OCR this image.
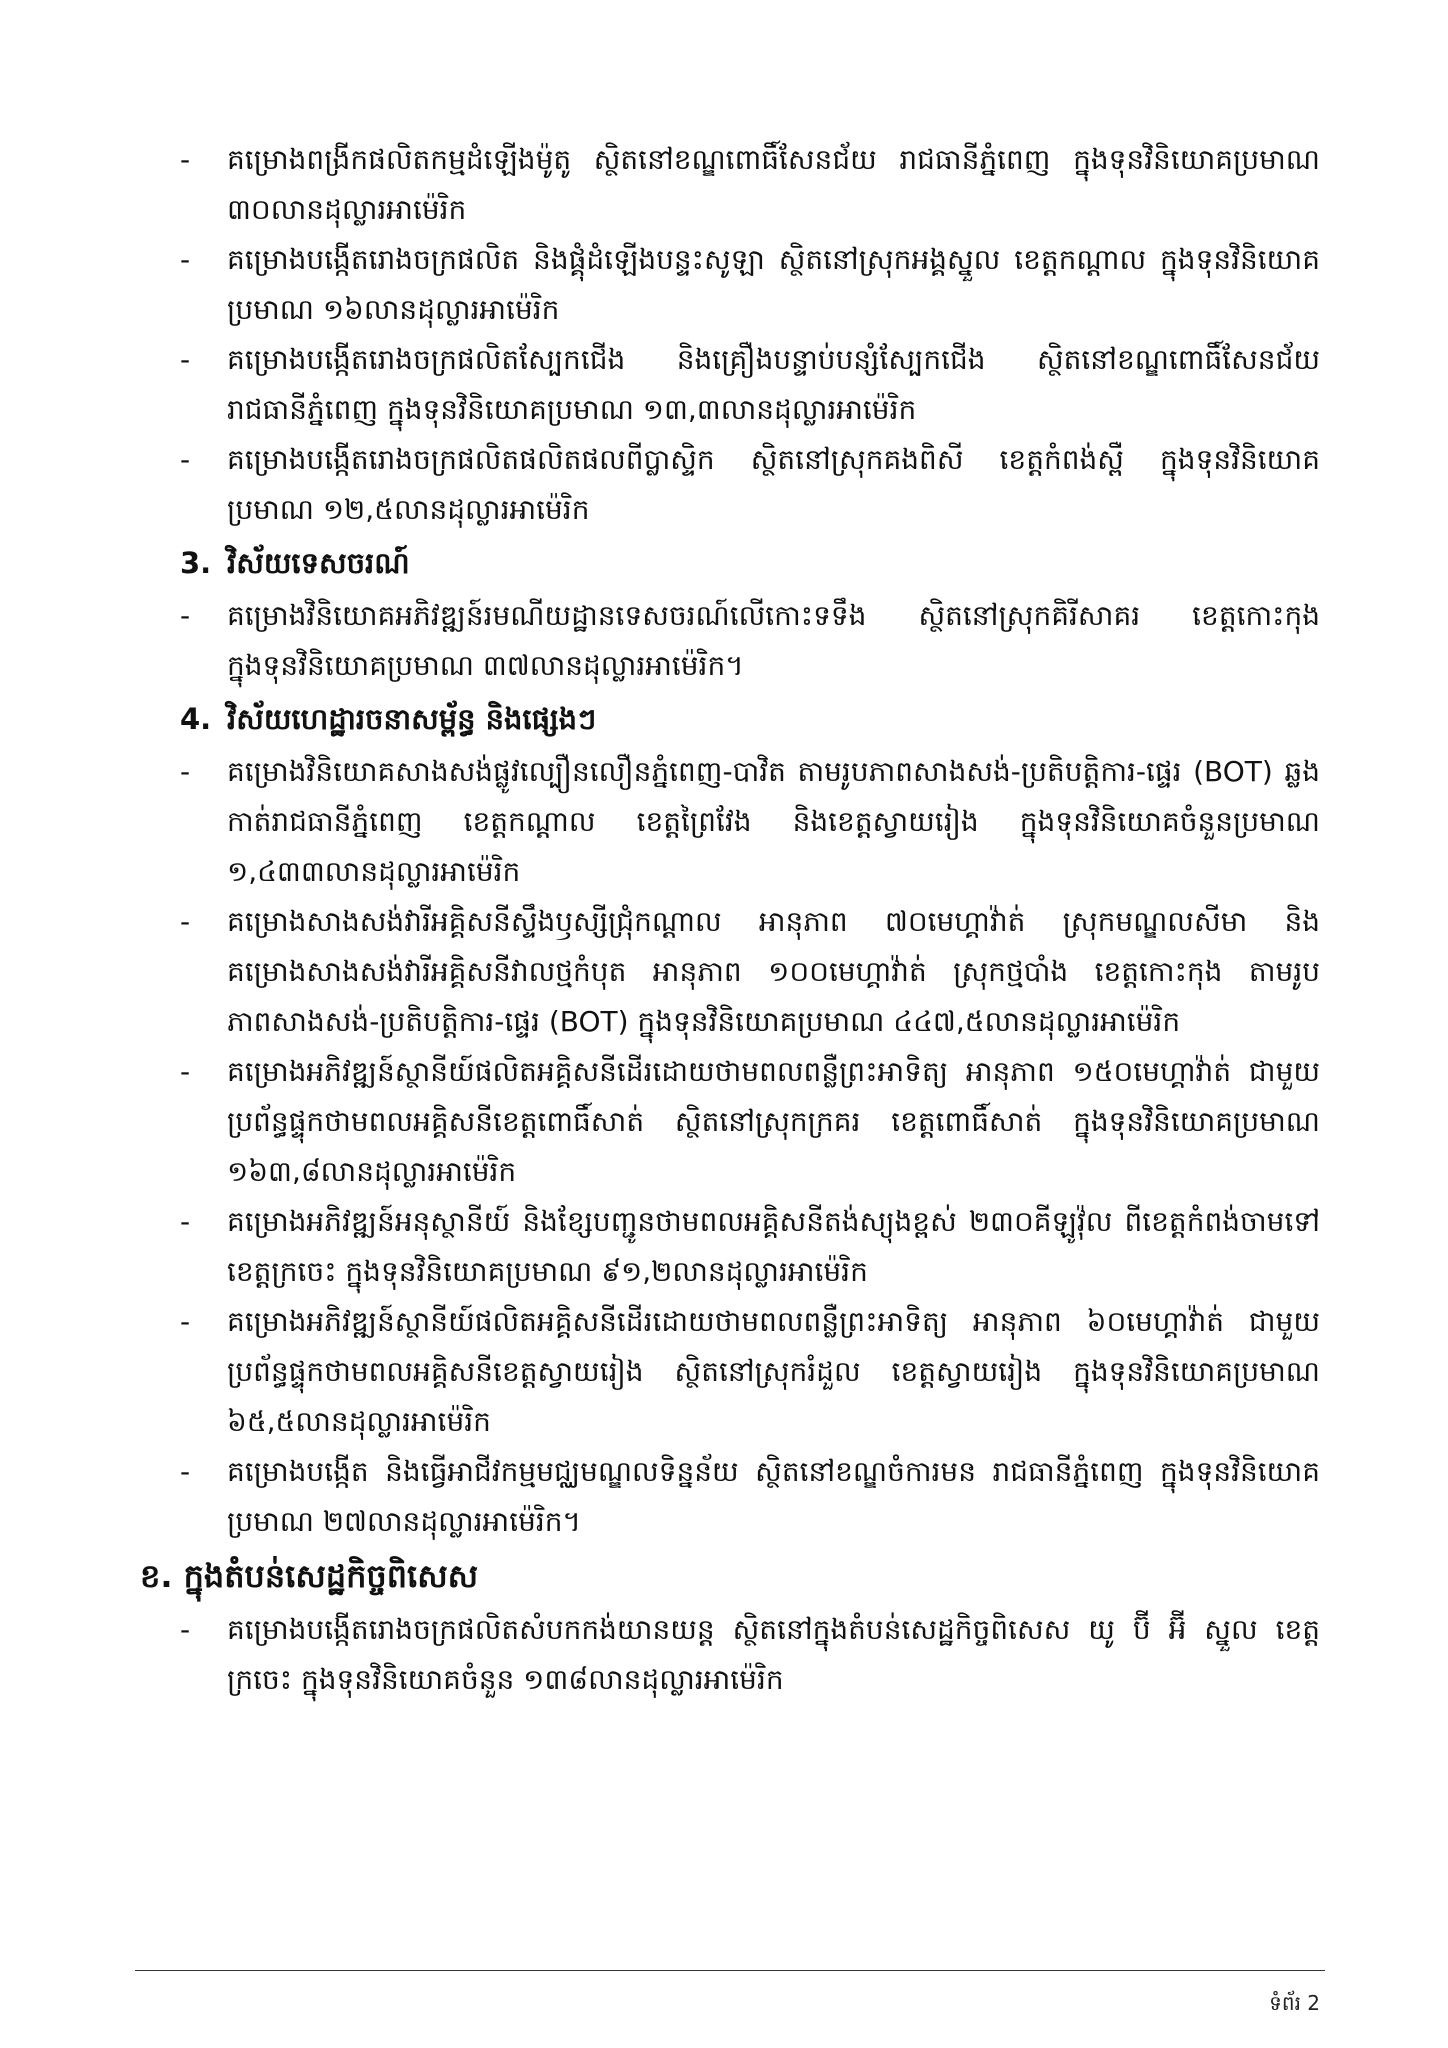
- គម្រោងពង្រីកផលិតកម្មដំឡើងម៉ូតូ ស្ថិតនៅខណ្ឌពោធិ៍សែនជ័យ រាជធានីភ្នំពេញ ក្នុងទុនវិនិយោគប្រមាណ ៣០លានដុល្លារអាម៉េរិក
- គម្រោងបង្កើតរោងចក្រផលិត និងផ្គុំដំឡើងបន្ទះសូឡា ស្ថិតនៅស្រុកអង្គស្នួល ខេត្តកណ្ដាល ក្នុងទុនវិនិយោគប្រមាណ ១៦លានដុល្លារអាម៉េរិក
- គម្រោងបង្កើតរោងចក្រផលិតស្បែកជើង និងគ្រឿងបន្ទាប់បន្សំស្បែកជើង ស្ថិតនៅខណ្ឌពោធិ៍សែនជ័យ រាជធានីភ្នំពេញ ក្នុងទុនវិនិយោគប្រមាណ ១៣,៣លានដុល្លារអាម៉េរិក
- គម្រោងបង្កើតរោងចក្រផលិតផលិតផលពីប្លាស្ទិក ស្ថិតនៅស្រុកគងពិសី ខេត្តកំពង់ស្ពឺ ក្នុងទុនវិនិយោគប្រមាណ ១២,៥លានដុល្លារអាម៉េរិក
3. វិស័យទេសចរណ៍
- គម្រោងវិនិយោគអភិវឌ្ឍន៍រមណីយដ្ឋានទេសចរណ៍លើកោះទទឹង ស្ថិតនៅស្រុកគិរីសាគរ ខេត្តកោះកុង ក្នុងទុនវិនិយោគប្រមាណ ៣៧លានដុល្លារអាម៉េរិក។
4. វិស័យហេដ្ឋារចនាសម្ព័ន្ធ និងផ្សេងៗ
- គម្រោងវិនិយោគសាងសង់ផ្លូវល្បឿនលឿនភ្នំពេញ-បាវិត តាមរូបភាពសាងសង់-ប្រតិបត្តិការ-ផ្ទេរ (BOT) ឆ្លងកាត់រាជធានីភ្នំពេញ ខេត្តកណ្ដាល ខេត្តព្រៃវែង និងខេត្តស្វាយរៀង ក្នុងទុនវិនិយោគចំនួនប្រមាណ ១,៤៣៣លានដុល្លារអាម៉េរិក
- គម្រោងសាងសង់វារីអគ្គិសនីស្ទឹងឫស្សីជ្រុំកណ្ដាល អានុភាព ៧០មេហ្គាវ៉ាត់ ស្រុកមណ្ឌលសីមា និងគម្រោងសាងសង់វារីអគ្គិសនីវាលថ្មកំបុត អានុភាព ១០០មេហ្គាវ៉ាត់ ស្រុកថ្មបាំង ខេត្តកោះកុង តាមរូបភាពសាងសង់-ប្រតិបត្តិការ-ផ្ទេរ (BOT) ក្នុងទុនវិនិយោគប្រមាណ ៤៤៧,៥លានដុល្លារអាម៉េរិក
- គម្រោងអភិវឌ្ឍន៍ស្ថានីយ៍ផលិតអគ្គិសនីដើរដោយថាមពលពន្លឺព្រះអាទិត្យ អានុភាព ១៥០មេហ្គាវ៉ាត់ ជាមួយប្រព័ន្ធផ្ទុកថាមពលអគ្គិសនីខេត្តពោធិ៍សាត់ ស្ថិតនៅស្រុកក្រគរ ខេត្តពោធិ៍សាត់ ក្នុងទុនវិនិយោគប្រមាណ ១៦៣,៨លានដុល្លារអាម៉េរិក
- គម្រោងអភិវឌ្ឍន៍អនុស្ថានីយ៍ និងខ្សែបញ្ជូនថាមពលអគ្គិសនីតង់ស្យុងខ្ពស់ ២៣០គីឡូវ៉ុល ពីខេត្តកំពង់ចាមទៅខេត្តក្រចេះ ក្នុងទុនវិនិយោគប្រមាណ ៩១,២លានដុល្លារអាម៉េរិក
- គម្រោងអភិវឌ្ឍន៍ស្ថានីយ៍ផលិតអគ្គិសនីដើរដោយថាមពលពន្លឺព្រះអាទិត្យ អានុភាព ៦០មេហ្គាវ៉ាត់ ជាមួយប្រព័ន្ធផ្ទុកថាមពលអគ្គិសនីខេត្តស្វាយរៀង ស្ថិតនៅស្រុករំដួល ខេត្តស្វាយរៀង ក្នុងទុនវិនិយោគប្រមាណ ៦៥,៥លានដុល្លារអាម៉េរិក
- គម្រោងបង្កើត និងធ្វើអាជីវកម្មមជ្ឈមណ្ឌលទិន្នន័យ ស្ថិតនៅខណ្ឌចំការមន រាជធានីភ្នំពេញ ក្នុងទុនវិនិយោគប្រមាណ ២៧លានដុល្លារអាម៉េរិក។
ខ. ក្នុងតំបន់សេដ្ឋកិច្ចពិសេស
- គម្រោងបង្កើតរោងចក្រផលិតសំបកកង់យានយន្ត ស្ថិតនៅក្នុងតំបន់សេដ្ឋកិច្ចពិសេស យូ ប៊ី អ៊ី ស្នួល ខេត្តក្រចេះ ក្នុងទុនវិនិយោគចំនួន ១៣៨លានដុល្លារអាម៉េរិក
ទំព័រ 2
